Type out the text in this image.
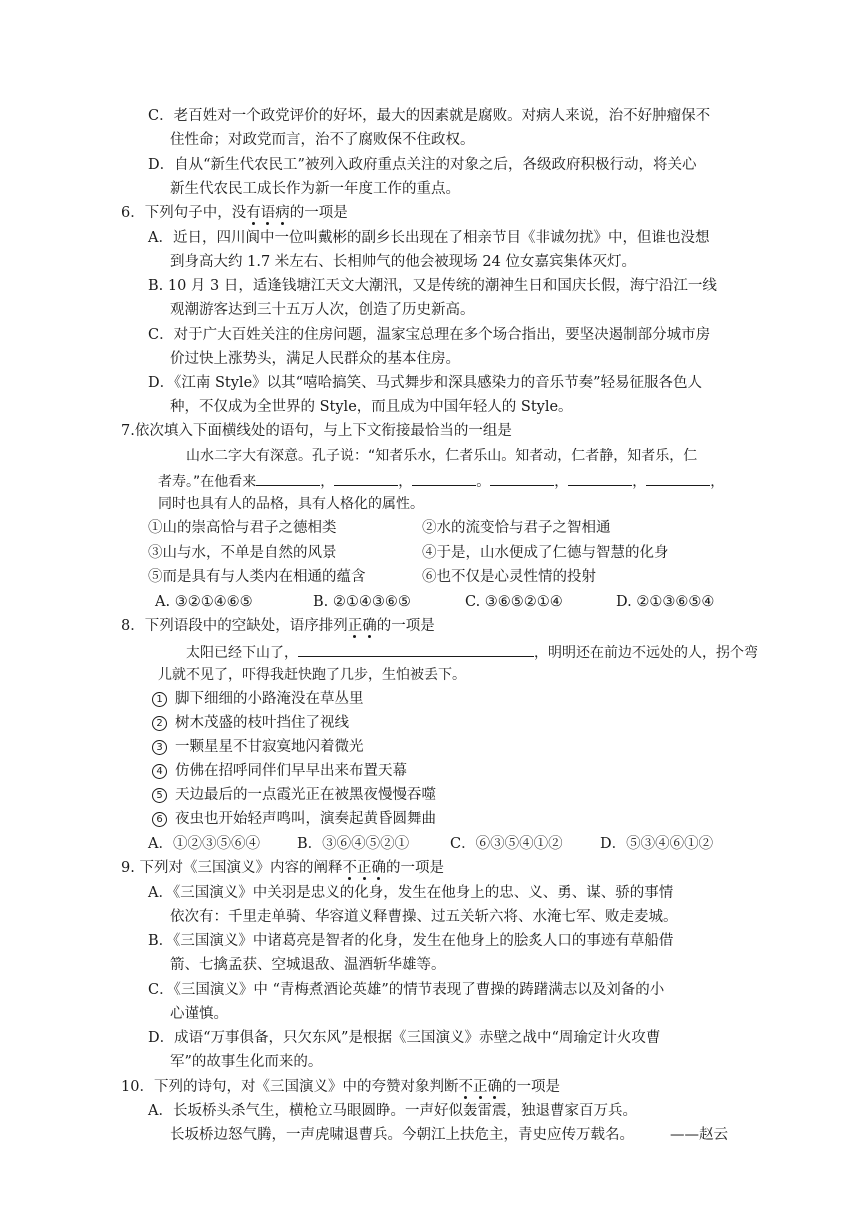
C．老百姓对一个政党评价的好坏，最大的因素就是腐败。对病人来说，治不好肿瘤保不
住性命；对政党而言，治不了腐败保不住政权。
D．自从“新生代农民工”被列入政府重点关注的对象之后，各级政府积极行动，将关心
新生代农民工成长作为新一年度工作的重点。
6．下列句子中，没有语病的一项是
A．近日，四川阆中一位叫戴彬的副乡长出现在了相亲节目《非诚勿扰》中，但谁也没想
到身高大约 1.7 米左右、长相帅气的他会被现场 24 位女嘉宾集体灭灯。
B. 10 月 3 日，适逢钱塘江天文大潮汛，又是传统的潮神生日和国庆长假，海宁沿江一线
观潮游客达到三十五万人次，创造了历史新高。
C．对于广大百姓关注的住房问题，温家宝总理在多个场合指出，要坚决遏制部分城市房
价过快上涨势头，满足人民群众的基本住房。
D．《江南 Style》以其“嘻哈搞笑、马式舞步和深具感染力的音乐节奏”轻易征服各色人
种，不仅成为全世界的 Style，而且成为中国年轻人的 Style。
7.依次填入下面横线处的语句，与上下文衔接最恰当的一组是
山水二字大有深意。孔子说：“知者乐水，仁者乐山。知者动，仁者静，知者乐，仁
者寿。”在他看来	，	，	。	，	，	，
同时也具有人的品格，具有人格化的属性。
①山的崇高恰与君子之德相类	②水的流变恰与君子之智相通
③山与水，不单是自然的风景	④于是，山水便成了仁德与智慧的化身
⑤而是具有与人类内在相通的蕴含	⑥也不仅是心灵性情的投射
A. ③②①④⑥⑤	B. ②①④③⑥⑤	C. ③⑥⑤②①④	D. ②①③⑥⑤④
8．下列语段中的空缺处，语序排列正确的一项是
太阳已经下山了，	，明明还在前边不远处的人，拐个弯
儿就不见了，吓得我赶快跑了几步，生怕被丢下。
1 脚下细细的小路淹没在草丛里
2 树木茂盛的枝叶挡住了视线
3 一颗星星不甘寂寞地闪着微光
4 仿佛在招呼同伴们早早出来布置天幕
5 天边最后的一点霞光正在被黑夜慢慢吞噬
6 夜虫也开始轻声鸣叫，演奏起黄昏圆舞曲
A．①②③⑤⑥④	B．③⑥④⑤②①	C．⑥③⑤④①②	D．⑤③④⑥①②
9. 下列对《三国演义》内容的阐释不正确的一项是
A．《三国演义》中关羽是忠义的化身，发生在他身上的忠、义、勇、谋、骄的事情
依次有：千里走单骑、华容道义释曹操、过五关斩六将、水淹七军、败走麦城。
B．《三国演义》中诸葛亮是智者的化身，发生在他身上的脍炙人口的事迹有草船借
箭、七擒孟获、空城退敌、温酒斩华雄等。
C．《三国演义》中 “青梅煮酒论英雄”的情节表现了曹操的踌躇满志以及刘备的小
心谨慎。
D．成语“万事俱备，只欠东风”是根据《三国演义》赤壁之战中“周瑜定计火攻曹
军”的故事生化而来的。
10．下列的诗句，对《三国演义》中的夸赞对象判断不正确的一项是
A．长坂桥头杀气生，横枪立马眼圆睁。一声好似轰雷震，独退曹家百万兵。
长坂桥边怒气腾，一声虎啸退曹兵。今朝江上扶危主，青史应传万载名。 ——赵云
